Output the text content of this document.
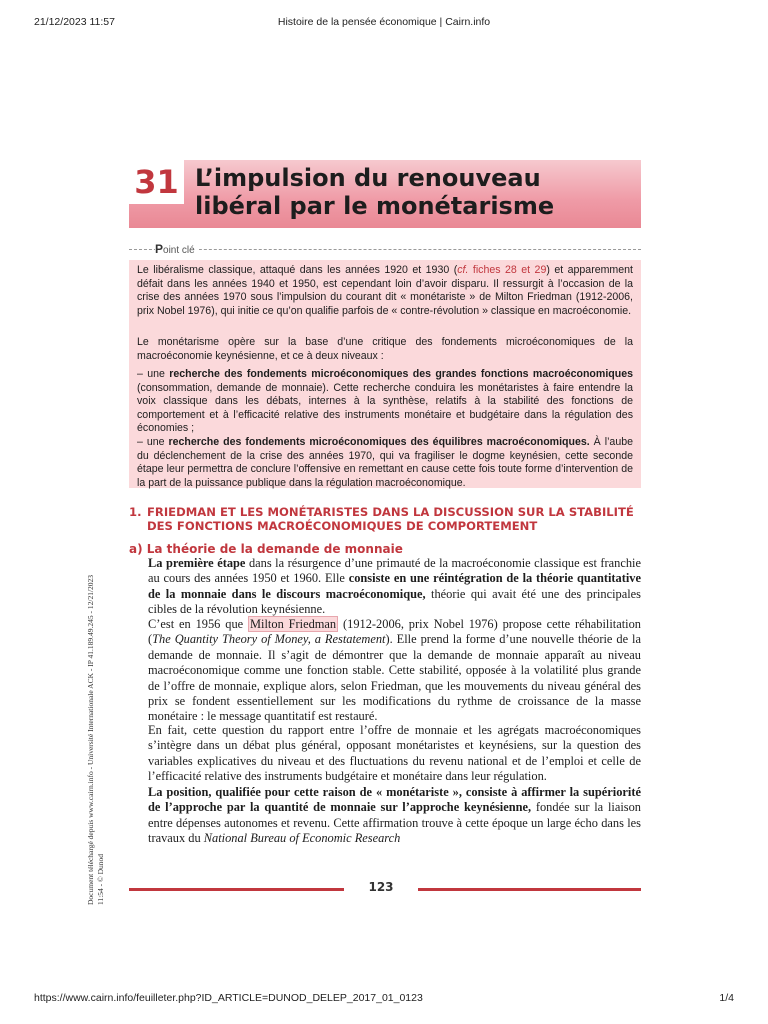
21/12/2023 11:57	Histoire de la pensée économique | Cairn.info
31 L’impulsion du renouveau
libéral par le monétarisme
Point clé

Le libéralisme classique, attaqué dans les années 1920 et 1930 (cf. fiches 28 et 29) et apparemment défait dans les années 1940 et 1950, est cependant loin d’avoir disparu. Il ressurgit à l’occasion de la crise des années 1970 sous l’impulsion du courant dit « monétariste » de Milton Friedman (1912-2006, prix Nobel 1976), qui initie ce qu’on qualifie parfois de « contre-révolution » classique en macroéconomie.

Le monétarisme opère sur la base d’une critique des fondements microéconomiques de la macroéconomie keynésienne, et ce à deux niveaux :

– une recherche des fondements microéconomiques des grandes fonctions macroéconomiques (consommation, demande de monnaie). Cette recherche conduira les monétaristes à faire entendre la voix classique dans les débats, internes à la synthèse, relatifs à la stabilité des fonctions de comportement et à l’efficacité relative des instruments monétaire et budgétaire dans la régulation des économies ;

– une recherche des fondements microéconomiques des équilibres macroéconomiques. À l’aube du déclenchement de la crise des années 1970, qui va fragiliser le dogme keynésien, cette seconde étape leur permettra de conclure l’offensive en remettant en cause cette fois toute forme d’intervention de la part de la puissance publique dans la régulation macroéconomique.

1. FRIEDMAN ET LES MONÉTARISTES DANS LA DISCUSSION SUR LA STABILITÉ DES FONCTIONS MACROÉCONOMIQUES DE COMPORTEMENT
a) La théorie de la demande de monnaie

La première étape dans la résurgence d’une primauté de la macroéconomie classique est franchie au cours des années 1950 et 1960. Elle consiste en une réintégration de la théorie quantitative de la monnaie dans le discours macroéconomique, théorie qui avait été une des principales cibles de la révolution keynésienne.

C’est en 1956 que Milton Friedman (1912-2006, prix Nobel 1976) propose cette réhabilitation (The Quantity Theory of Money, a Restatement). Elle prend la forme d’une nouvelle théorie de la demande de monnaie. Il s’agit de démontrer que la demande de monnaie apparaît au niveau macroéconomique comme une fonction stable. Cette stabilité, opposée à la volatilité plus grande de l’offre de monnaie, explique alors, selon Friedman, que les mouvements du niveau général des prix se fondent essentiellement sur les modifications du rythme de croissance de la masse monétaire : le message quantitatif est restauré.

En fait, cette question du rapport entre l’offre de monnaie et les agrégats macroéconomiques s’intègre dans un débat plus général, opposant monétaristes et keynésiens, sur la question des variables explicatives du niveau et des fluctuations du revenu national et de l’emploi et celle de l’efficacité relative des instruments budgétaire et monétaire dans leur régulation.

La position, qualifiée pour cette raison de « monétariste », consiste à affirmer la supériorité de l’approche par la quantité de monnaie sur l’approche keynésienne, fondée sur la liaison entre dépenses autonomes et revenu. Cette affirmation trouve à cette époque un large écho dans les travaux du National Bureau of Economic Research

Document téléchargé depuis www.cairn.info - Université Internationale ACK - IP 41.189.49.245 - 12/21/2023 11:54 - © Dunod	123
https://www.cairn.info/feuilleter.php?ID_ARTICLE=DUNOD_DELEP_2017_01_0123	1/4
